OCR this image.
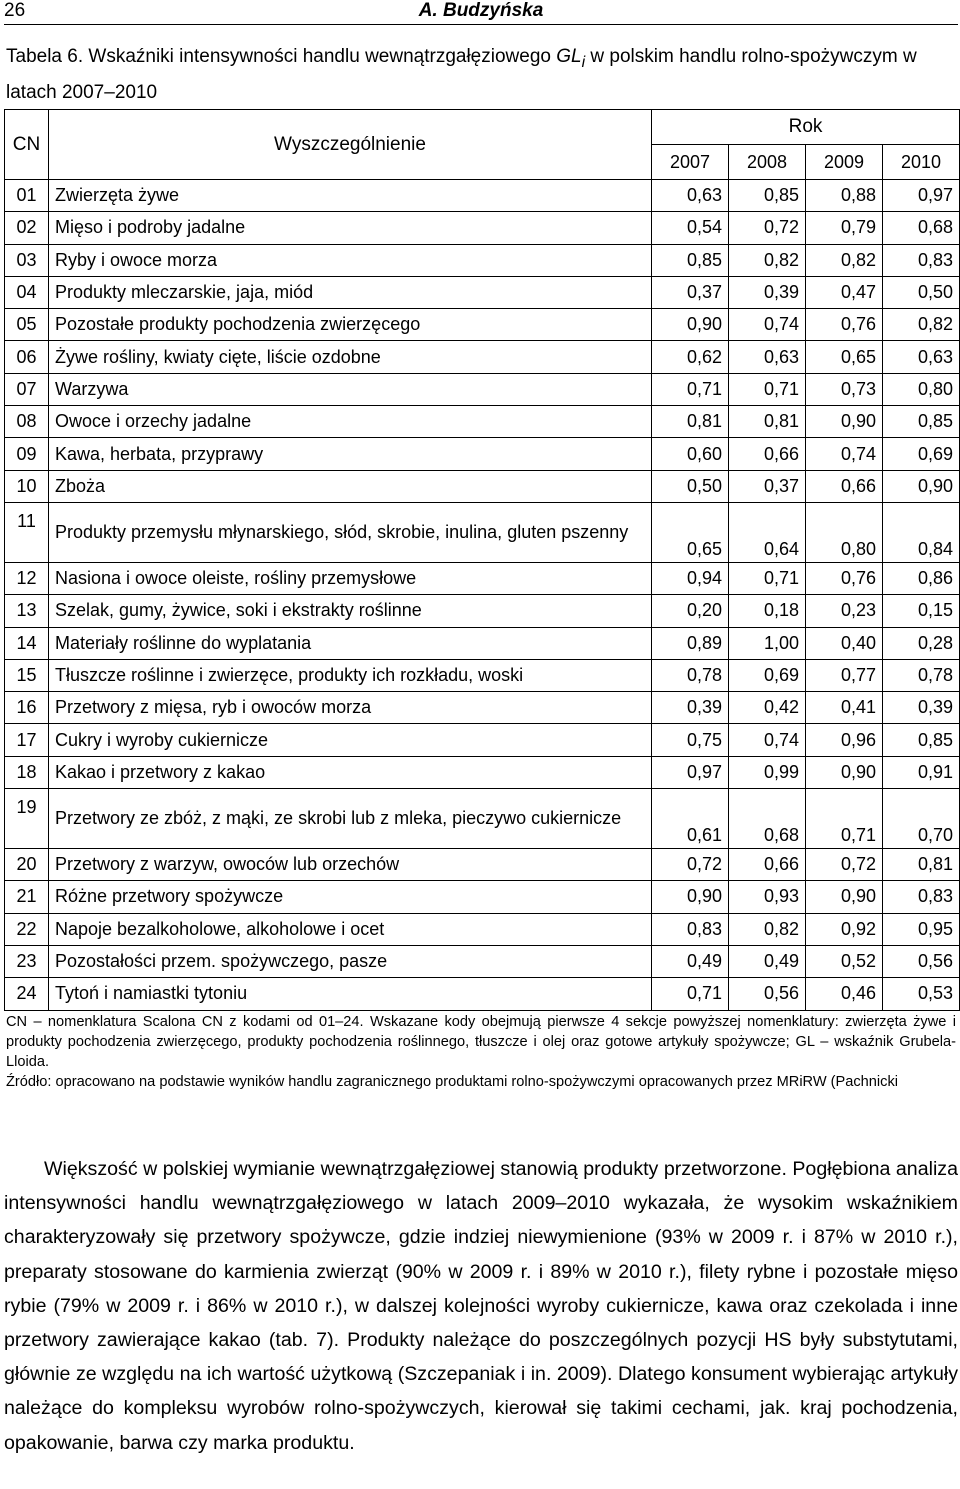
26	A. Budzyńska
Tabela 6. Wskaźniki intensywności handlu wewnątrzgałęziowego $GL_i$ w polskim handlu rolno-spożywczym w latach 2007–2010
CN	Wyszczególnienie	Rok			
		2007	2008	2009	2010
01	Zwierzęta żywe	0,63	0,85	0,88	0,97
02	Mięso i podroby jadalne	0,54	0,72	0,79	0,68
03	Ryby i owoce morza	0,85	0,82	0,82	0,83
04	Produkty mleczarskie, jaja, miód	0,37	0,39	0,47	0,50
05	Pozostałe produkty pochodzenia zwierzęcego	0,90	0,74	0,76	0,82
06	Żywe rośliny, kwiaty cięte, liście ozdobne	0,62	0,63	0,65	0,63
07	Warzywa	0,71	0,71	0,73	0,80
08	Owoce i orzechy jadalne	0,81	0,81	0,90	0,85
09	Kawa, herbata, przyprawy	0,60	0,66	0,74	0,69
10	Zboża	0,50	0,37	0,66	0,90
11	Produkty przemysłu młynarskiego, słód, skrobie, inulina, gluten pszenny	0,65	0,64	0,80	0,84
12	Nasiona i owoce oleiste, rośliny przemysłowe	0,94	0,71	0,76	0,86
13	Szelak, gumy, żywice, soki i ekstrakty roślinne	0,20	0,18	0,23	0,15
14	Materiały roślinne do wyplatania	0,89	1,00	0,40	0,28
15	Tłuszcze roślinne i zwierzęce, produkty ich rozkładu, woski	0,78	0,69	0,77	0,78
16	Przetwory z mięsa, ryb i owoców morza	0,39	0,42	0,41	0,39
17	Cukry i wyroby cukiernicze	0,75	0,74	0,96	0,85
18	Kakao i przetwory z kakao	0,97	0,99	0,90	0,91
19	Przetwory ze zbóż, z mąki, ze skrobi lub z mleka, pieczywo cukiernicze	0,61	0,68	0,71	0,70
20	Przetwory z warzyw, owoców lub orzechów	0,72	0,66	0,72	0,81
21	Różne przetwory spożywcze	0,90	0,93	0,90	0,83
22	Napoje bezalkoholowe, alkoholowe i ocet	0,83	0,82	0,92	0,95
23	Pozostałości przem. spożywczego, pasze	0,49	0,49	0,52	0,56
24	Tytoń i namiastki tytoniu	0,71	0,56	0,46	0,53

CN – nomenklatura Scalona CN z kodami od 01–24. Wskazane kody obejmują pierwsze 4 sekcje powyższej nomenklatury: zwierzęta żywe i produkty pochodzenia zwierzęcego, produkty pochodzenia roślinnego, tłuszcze i olej oraz gotowe artykuły spożywcze; GL – wskaźnik Grubela-Lloida.

Źródło: opracowano na podstawie wyników handlu zagranicznego produktami rolno-spożywczymi opracowanych przez MRiRW (Pachnicki

Większość w polskiej wymianie wewnątrzgałęziowej stanowią produkty przetworzone. Pogłębiona analiza intensywności handlu wewnątrzgałęziowego w latach 2009–2010 wykazała, że wysokim wskaźnikiem charakteryzowały się przetwory spożywcze, gdzie indziej niewymienione (93% w 2009 r. i 87% w 2010 r.), preparaty stosowane do karmienia zwierząt (90% w 2009 r. i 89% w 2010 r.), filety rybne i pozostałe mięso rybie (79% w 2009 r. i 86% w 2010 r.), w dalszej kolejności wyroby cukiernicze, kawa oraz czekolada i inne przetwory zawierające kakao (tab. 7). Produkty należące do poszczególnych pozycji HS były substytutami, głównie ze względu na ich wartość użytkową (Szczepaniak i in. 2009). Dlatego konsument wybierając artykuły należące do kompleksu wyrobów rolno-spożywczych, kierował się takimi cechami, jak. kraj pochodzenia, opakowanie, barwa czy marka produktu.
